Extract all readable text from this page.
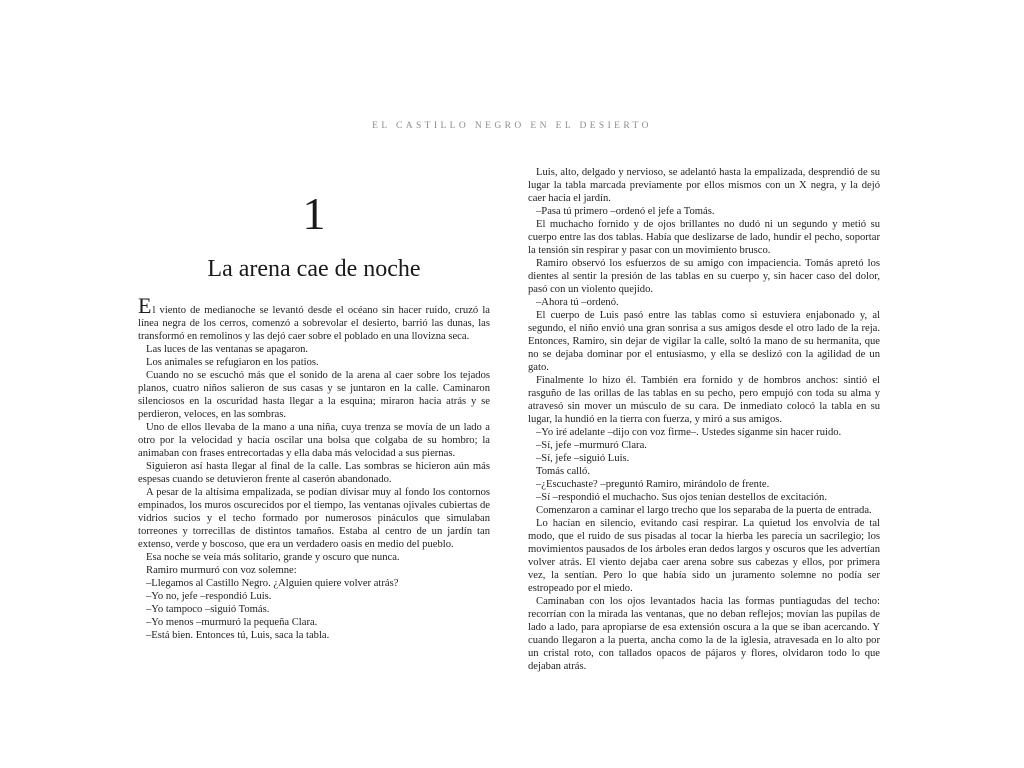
EL CASTILLO NEGRO EN EL DESIERTO
1
La arena cae de noche

El viento de medianoche se levantó desde el océano sin hacer ruido, cruzó la línea negra de los cerros, comenzó a sobrevolar el desierto, barrió las dunas, las transformó en remolinos y las dejó caer sobre el poblado en una llovizna seca.

Las luces de las ventanas se apagaron.

Los animales se refugiaron en los patios.

Cuando no se escuchó más que el sonido de la arena al caer sobre los tejados planos, cuatro niños salieron de sus casas y se juntaron en la calle. Caminaron silenciosos en la oscuridad hasta llegar a la esquina; miraron hacia atrás y se perdieron, veloces, en las sombras.

Uno de ellos llevaba de la mano a una niña, cuya trenza se movía de un lado a otro por la velocidad y hacía oscilar una bolsa que colgaba de su hombro; la animaban con frases entrecortadas y ella daba más velocidad a sus piernas.

Siguieron así hasta llegar al final de la calle. Las sombras se hicieron aún más espesas cuando se detuvieron frente al caserón abandonado.

A pesar de la altísima empalizada, se podían divisar muy al fondo los contornos empinados, los muros oscurecidos por el tiempo, las ventanas ojivales cubiertas de vidrios sucios y el techo formado por numerosos pináculos que simulaban torreones y torrecillas de distintos tamaños. Estaba al centro de un jardín tan extenso, verde y boscoso, que era un verdadero oasis en medio del pueblo.

Esa noche se veía más solitario, grande y oscuro que nunca.

Ramiro murmuró con voz solemne:

–Llegamos al Castillo Negro. ¿Alguien quiere volver atrás?

–Yo no, jefe –respondió Luis.

–Yo tampoco –siguió Tomás.

–Yo menos –murmuró la pequeña Clara.

–Está bien. Entonces tú, Luis, saca la tabla.

Luis, alto, delgado y nervioso, se adelantó hasta la empalizada, desprendió de su lugar la tabla marcada previamente por ellos mismos con un X negra, y la dejó caer hacia el jardín.

–Pasa tú primero –ordenó el jefe a Tomás.

El muchacho fornido y de ojos brillantes no dudó ni un segundo y metió su cuerpo entre las dos tablas. Había que deslizarse de lado, hundir el pecho, soportar la tensión sin respirar y pasar con un movimiento brusco.

Ramiro observó los esfuerzos de su amigo con impaciencia. Tomás apretó los dientes al sentir la presión de las tablas en su cuerpo y, sin hacer caso del dolor, pasó con un violento quejido.

–Ahora tú –ordenó.

El cuerpo de Luis pasó entre las tablas como si estuviera enjabonado y, al segundo, el niño envió una gran sonrisa a sus amigos desde el otro lado de la reja. Entonces, Ramiro, sin dejar de vigilar la calle, soltó la mano de su hermanita, que no se dejaba dominar por el entusiasmo, y ella se deslizó con la agilidad de un gato.

Finalmente lo hizo él. También era fornido y de hombros anchos: sintió el rasguño de las orillas de las tablas en su pecho, pero empujó con toda su alma y atravesó sin mover un músculo de su cara. De inmediato colocó la tabla en su lugar, la hundió en la tierra con fuerza, y miró a sus amigos.

–Yo iré adelante –dijo con voz firme–. Ustedes síganme sin hacer ruido.

–Sí, jefe –murmuró Clara.

–Sí, jefe –siguió Luis.

Tomás calló.

–¿Escuchaste? –preguntó Ramiro, mirándolo de frente.

–Sí –respondió el muchacho. Sus ojos tenían destellos de excitación.

Comenzaron a caminar el largo trecho que los separaba de la puerta de entrada.

Lo hacían en silencio, evitando casi respirar. La quietud los envolvía de tal modo, que el ruido de sus pisadas al tocar la hierba les parecía un sacrilegio; los movimientos pausados de los árboles eran dedos largos y oscuros que les advertían volver atrás. El viento dejaba caer arena sobre sus cabezas y ellos, por primera vez, la sentían. Pero lo que había sido un juramento solemne no podía ser estropeado por el miedo.

Caminaban con los ojos levantados hacia las formas puntiagudas del techo: recorrían con la mirada las ventanas, que no deban reflejos; movían las pupilas de lado a lado, para apropiarse de esa extensión oscura a la que se iban acercando. Y cuando llegaron a la puerta, ancha como la de la iglesia, atravesada en lo alto por un cristal roto, con tallados opacos de pájaros y flores, olvidaron todo lo que dejaban atrás.
